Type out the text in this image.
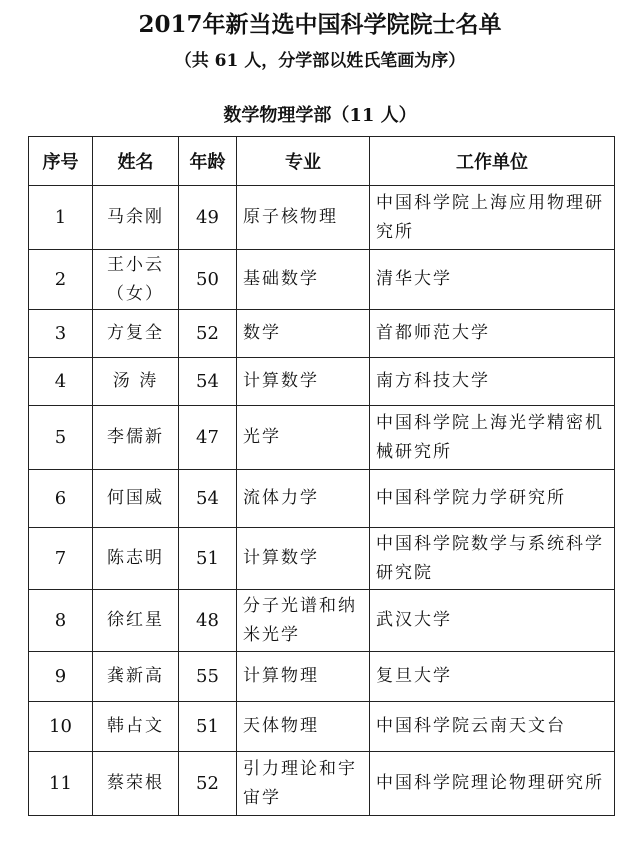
2017年新当选中国科学院院士名单
（共 61 人，分学部以姓氏笔画为序）
数学物理学部（11 人）
序号	姓名	年龄	专业	工作单位
1	马余刚	49	原子核物理	中国科学院上海应用物理研究所
2	王小云（女）	50	基础数学	清华大学
3	方复全	52	数学	首都师范大学
4	汤 涛	54	计算数学	南方科技大学
5	李儒新	47	光学	中国科学院上海光学精密机械研究所
6	何国威	54	流体力学	中国科学院力学研究所
7	陈志明	51	计算数学	中国科学院数学与系统科学研究院
8	徐红星	48	分子光谱和纳米光学	武汉大学
9	龚新高	55	计算物理	复旦大学
10	韩占文	51	天体物理	中国科学院云南天文台
11	蔡荣根	52	引力理论和宇宙学	中国科学院理论物理研究所
